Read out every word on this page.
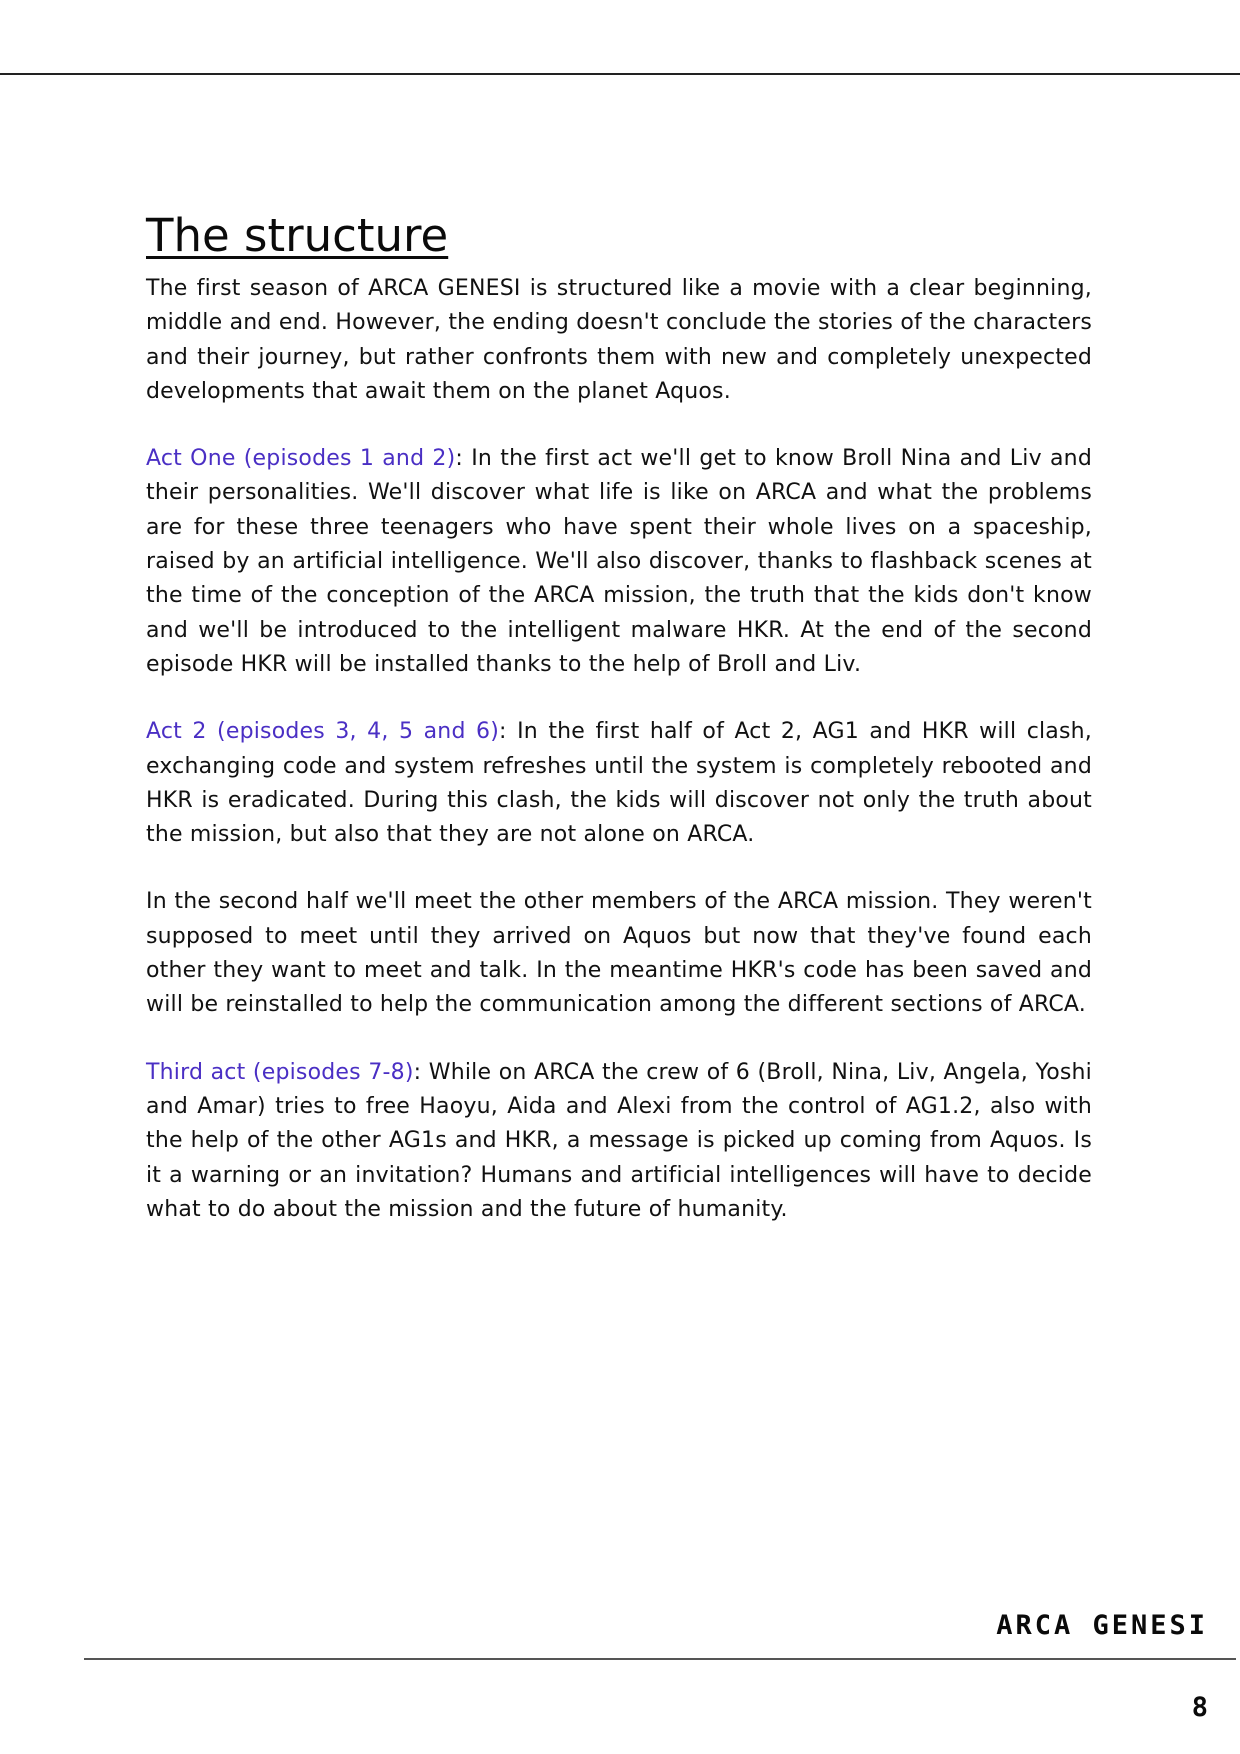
The structure

The first season of ARCA GENESI is structured like a movie with a clear beginning, middle and end. However, the ending doesn't conclude the stories of the characters and their journey, but rather confronts them with new and completely unexpected developments that await them on the planet Aquos.

Act One (episodes 1 and 2): In the first act we'll get to know Broll Nina and Liv and their personalities. We'll discover what life is like on ARCA and what the problems are for these three teenagers who have spent their whole lives on a spaceship, raised by an artificial intelligence. We'll also discover, thanks to flashback scenes at the time of the conception of the ARCA mission, the truth that the kids don't know and we'll be introduced to the intelligent malware HKR. At the end of the second episode HKR will be installed thanks to the help of Broll and Liv.

Act 2 (episodes 3, 4, 5 and 6): In the first half of Act 2, AG1 and HKR will clash, exchanging code and system refreshes until the system is completely rebooted and HKR is eradicated. During this clash, the kids will discover not only the truth about the mission, but also that they are not alone on ARCA.

In the second half we'll meet the other members of the ARCA mission. They weren't supposed to meet until they arrived on Aquos but now that they've found each other they want to meet and talk. In the meantime HKR's code has been saved and will be reinstalled to help the communication among the different sections of ARCA.

Third act (episodes 7-8): While on ARCA the crew of 6 (Broll, Nina, Liv, Angela, Yoshi and Amar) tries to free Haoyu, Aida and Alexi from the control of AG1.2, also with the help of the other AG1s and HKR, a message is picked up coming from Aquos. Is it a warning or an invitation? Humans and artificial intelligences will have to decide what to do about the mission and the future of humanity.

ARCA GENESI
8
